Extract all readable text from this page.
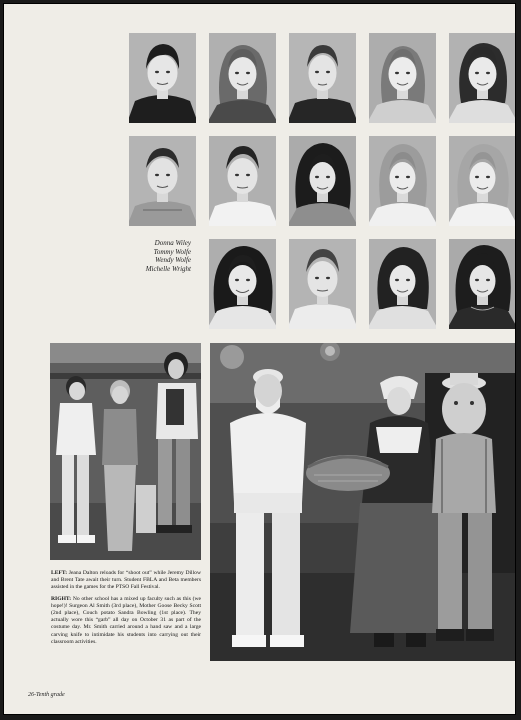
Donna Wiley
Tommy Wolfe
Wendy Wolfe
Michelle Wright

LEFT: Jeana Dalton reloads for “shoot out” while Jeremy Dillow and Brent Tate await their turn. Student FBLA and Beta members assisted in the games for the PTSO Fall Festival.

RIGHT: No other school has a mixed up faculty such as this (we hope!)! Surgeon Al Smith (3rd place), Mother Goose Becky Scott (2nd place), Couch potato Sandra Bowling (1st place). They actually wore this “garb” all day on October 31 as part of the costume day. Mr. Smith carried around a hand saw and a large carving knife to intimidate his students into carrying out their classroom activities.

26-Tenth grade
